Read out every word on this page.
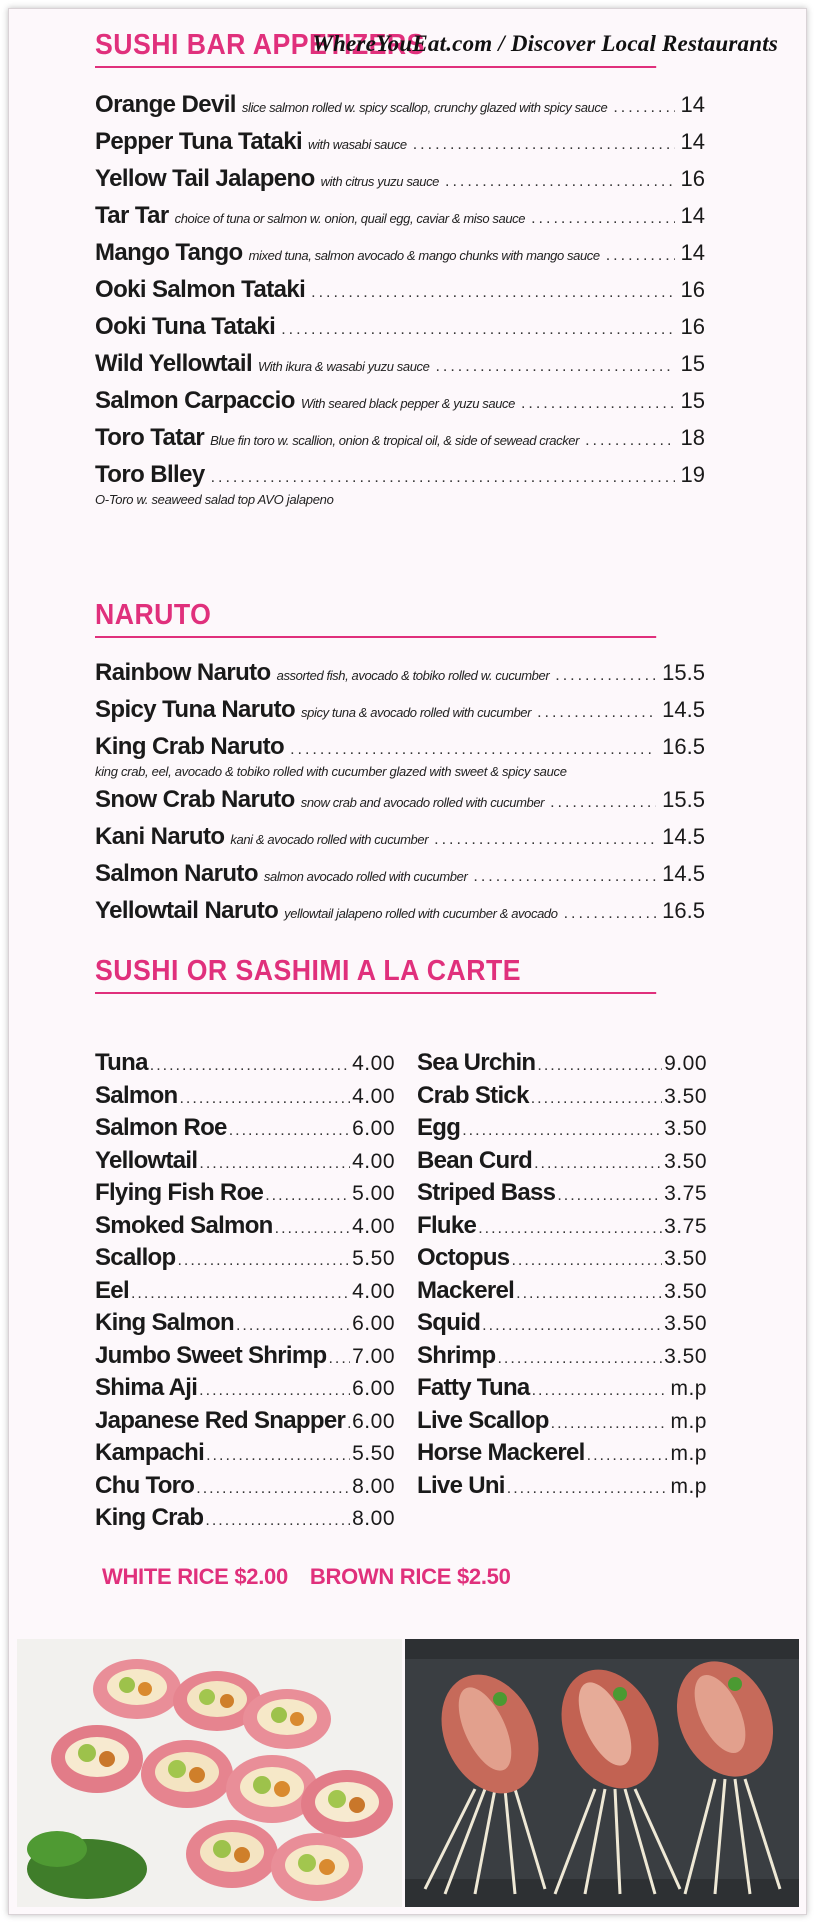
WhereYouEat.com / Discover Local Restaurants
SUSHI BAR APPETIZERS
Orange Devil slice salmon rolled w. spicy scallop, crunchy glazed with spicy sauce .....	14
Pepper Tuna Tataki with wasabi sauce .....	14
Yellow Tail Jalapeno with citrus yuzu sauce .....	16
Tar Tar choice of tuna or salmon w. onion, quail egg, caviar & miso sauce .....	14
Mango Tango mixed tuna, salmon avocado & mango chunks with mango sauce .....	14
Ooki Salmon Tataki .....	16
Ooki Tuna Tataki .....	16
Wild Yellowtail With ikura & wasabi yuzu sauce .....	15
Salmon Carpaccio With seared black pepper & yuzu sauce .....	15
Toro Tatar Blue fin toro w. scallion, onion & tropical oil, & side of sewead cracker .....	18
Toro Blley .....	19
O-Toro w. seaweed salad top AVO jalapeno
NARUTO
Rainbow Naruto assorted fish, avocado & tobiko rolled w. cucumber .....	15.5
Spicy Tuna Naruto spicy tuna & avocado rolled with cucumber .....	14.5
King Crab Naruto .....	16.5
king crab, eel, avocado & tobiko rolled with cucumber glazed with sweet & spicy sauce
Snow Crab Naruto snow crab and avocado rolled with cucumber .....	15.5
Kani Naruto kani & avocado rolled with cucumber .....	14.5
Salmon Naruto salmon avocado rolled with cucumber .....	14.5
Yellowtail Naruto yellowtail jalapeno rolled with cucumber & avocado .....	16.5
SUSHI OR SASHIMI A LA CARTE
Tuna .....	4.00
Salmon .....	4.00
Salmon Roe .....	6.00
Yellowtail .....	4.00
Flying Fish Roe .....	5.00
Smoked Salmon .....	4.00
Scallop .....	5.50
Eel .....	4.00
King Salmon .....	6.00
Jumbo Sweet Shrimp ..... 7.00
Shima Aji .....	6.00
Japanese Red Snapper ..... 6.00
Kampachi .....	5.50
Chu Toro .....	8.00
King Crab .....	8.00
Sea Urchin .....	9.00
Crab Stick .....	3.50
Egg .....	3.50
Bean Curd .....	3.50
Striped Bass .....	3.75
Fluke .....	3.75
Octopus .....	3.50
Mackerel .....	3.50
Squid .....	3.50
Shrimp .....	3.50
Fatty Tuna .....	m.p
Live Scallop .....	m.p
Horse Mackerel .....	m.p
Live Uni .....	m.p
WHITE RICE $2.00 BROWN RICE $2.50
